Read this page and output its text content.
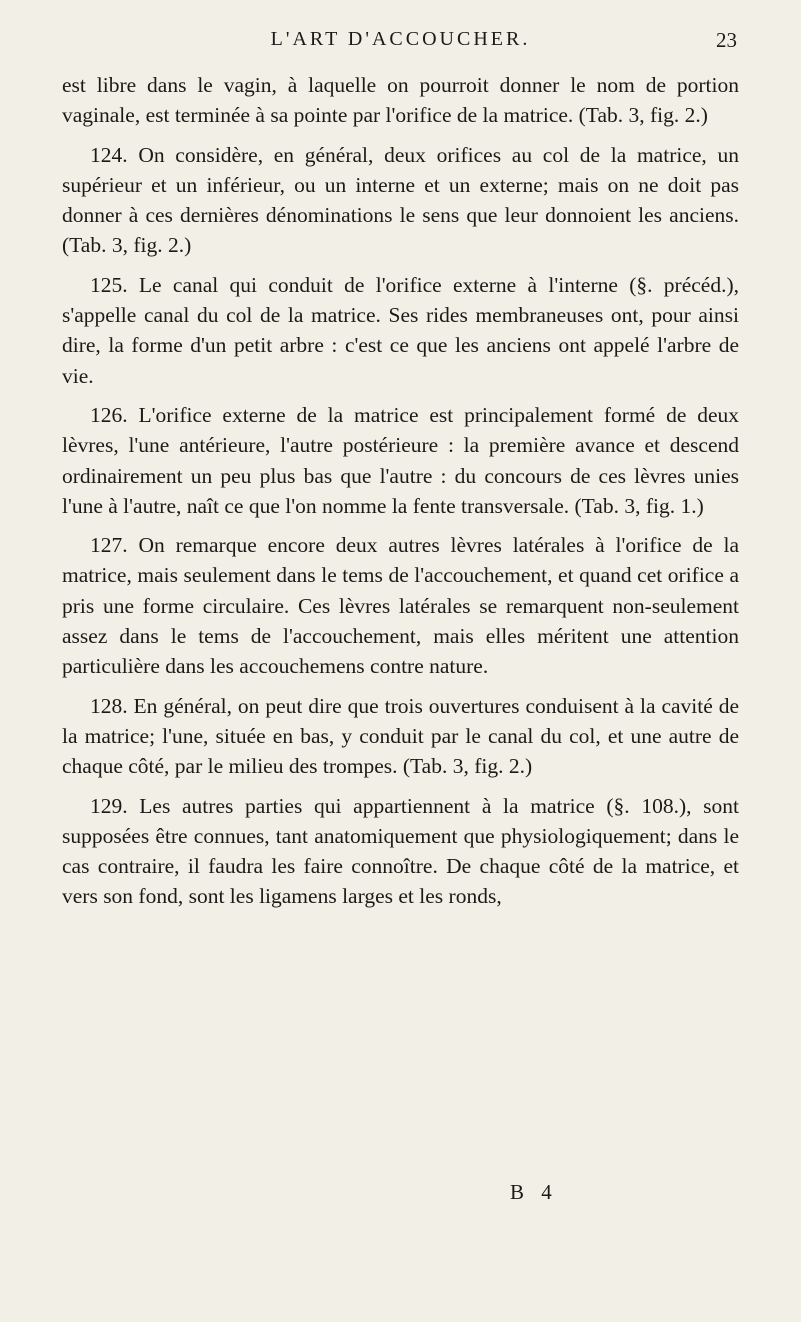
L'ART D'ACCOUCHER.	23

est libre dans le vagin, à laquelle on pourroit donner le nom de portion vaginale, est terminée à sa pointe par l'orifice de la matrice. (Tab. 3, fig. 2.)

124. On considère, en général, deux orifices au col de la matrice, un supérieur et un inférieur, ou un interne et un externe; mais on ne doit pas donner à ces dernières dénominations le sens que leur donnoient les anciens. (Tab. 3, fig. 2.)

125. Le canal qui conduit de l'orifice externe à l'interne (§. précéd.), s'appelle canal du col de la matrice. Ses rides membraneuses ont, pour ainsi dire, la forme d'un petit arbre : c'est ce que les anciens ont appelé l'arbre de vie.

126. L'orifice externe de la matrice est principalement formé de deux lèvres, l'une antérieure, l'autre postérieure : la première avance et descend ordinairement un peu plus bas que l'autre : du concours de ces lèvres unies l'une à l'autre, naît ce que l'on nomme la fente transversale. (Tab. 3, fig. 1.)

127. On remarque encore deux autres lèvres latérales à l'orifice de la matrice, mais seulement dans le tems de l'accouchement, et quand cet orifice a pris une forme circulaire. Ces lèvres latérales se remarquent non-seulement assez dans le tems de l'accouchement, mais elles méritent une attention particulière dans les accouchemens contre nature.

128. En général, on peut dire que trois ouvertures conduisent à la cavité de la matrice; l'une, située en bas, y conduit par le canal du col, et une autre de chaque côté, par le milieu des trompes. (Tab. 3, fig. 2.)

129. Les autres parties qui appartiennent à la matrice (§. 108.), sont supposées être connues, tant anatomiquement que physiologiquement; dans le cas contraire, il faudra les faire connoître. De chaque côté de la matrice, et vers son fond, sont les ligamens larges et les ronds,

B 4
